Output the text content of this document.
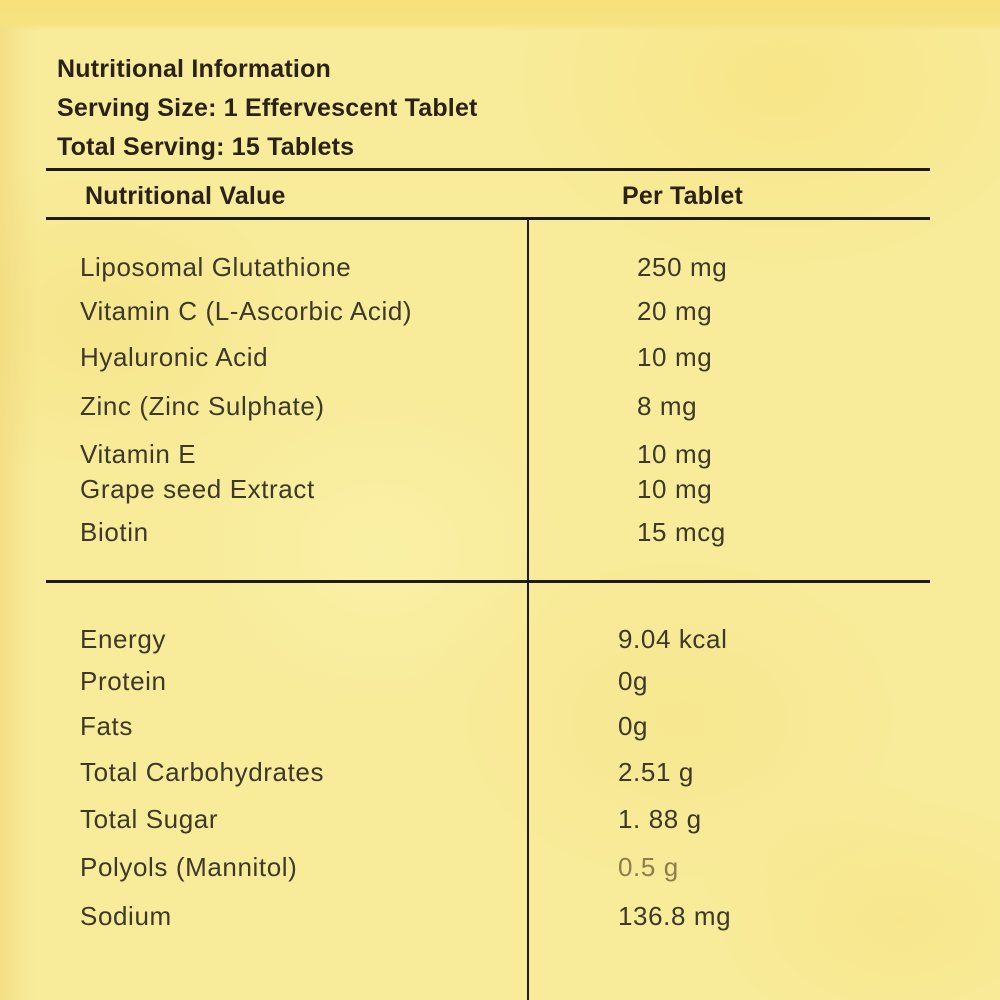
Nutritional Information
Serving Size: 1 Effervescent Tablet
Total Serving: 15 Tablets
Nutritional Value	Per Tablet
Liposomal Glutathione	250 mg
Vitamin C (L-Ascorbic Acid)	20 mg
Hyaluronic Acid	10 mg
Zinc (Zinc Sulphate)	8 mg
Vitamin E	10 mg
Grape seed Extract	10 mg
Biotin	15 mcg
Energy	9.04 kcal
Protein	0g
Fats	0g
Total Carbohydrates	2.51 g
Total Sugar	1. 88 g
Polyols (Mannitol)	0.5 g
Sodium	136.8 mg
